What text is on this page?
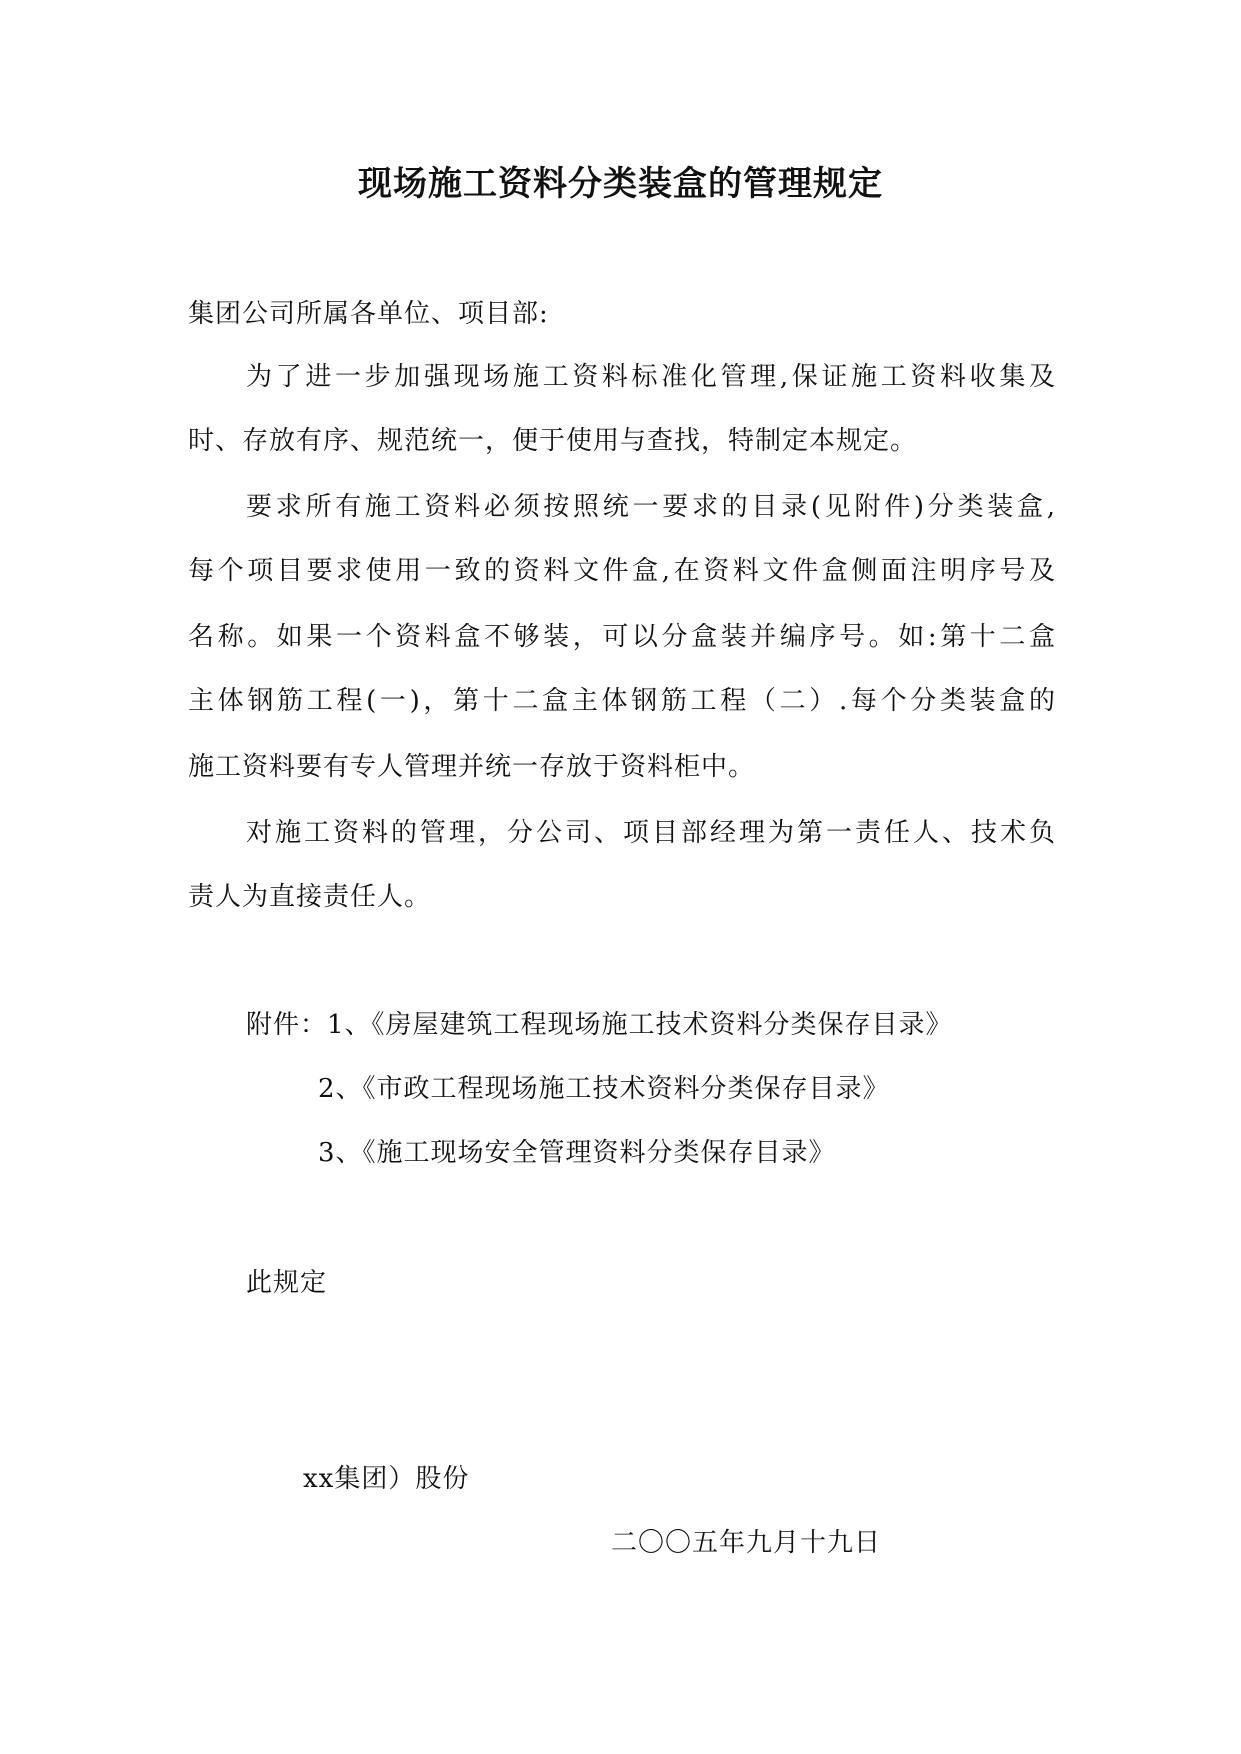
现场施工资料分类装盒的管理规定
集团公司所属各单位、项目部:
为了进一步加强现场施工资料标准化管理,保证施工资料收集及
时、存放有序、规范统一，便于使用与查找，特制定本规定。
要求所有施工资料必须按照统一要求的目录(见附件)分类装盒,
每个项目要求使用一致的资料文件盒,在资料文件盒侧面注明序号及
名称。如果一个资料盒不够装，可以分盒装并编序号。如:第十二盒
主体钢筋工程(一)，第十二盒主体钢筋工程（二）.每个分类装盒的
施工资料要有专人管理并统一存放于资料柜中。
对施工资料的管理，分公司、项目部经理为第一责任人、技术负
责人为直接责任人。
附件：1、《房屋建筑工程现场施工技术资料分类保存目录》
2、《市政工程现场施工技术资料分类保存目录》
3、《施工现场安全管理资料分类保存目录》
此规定
xx集团）股份
二〇〇五年九月十九日
